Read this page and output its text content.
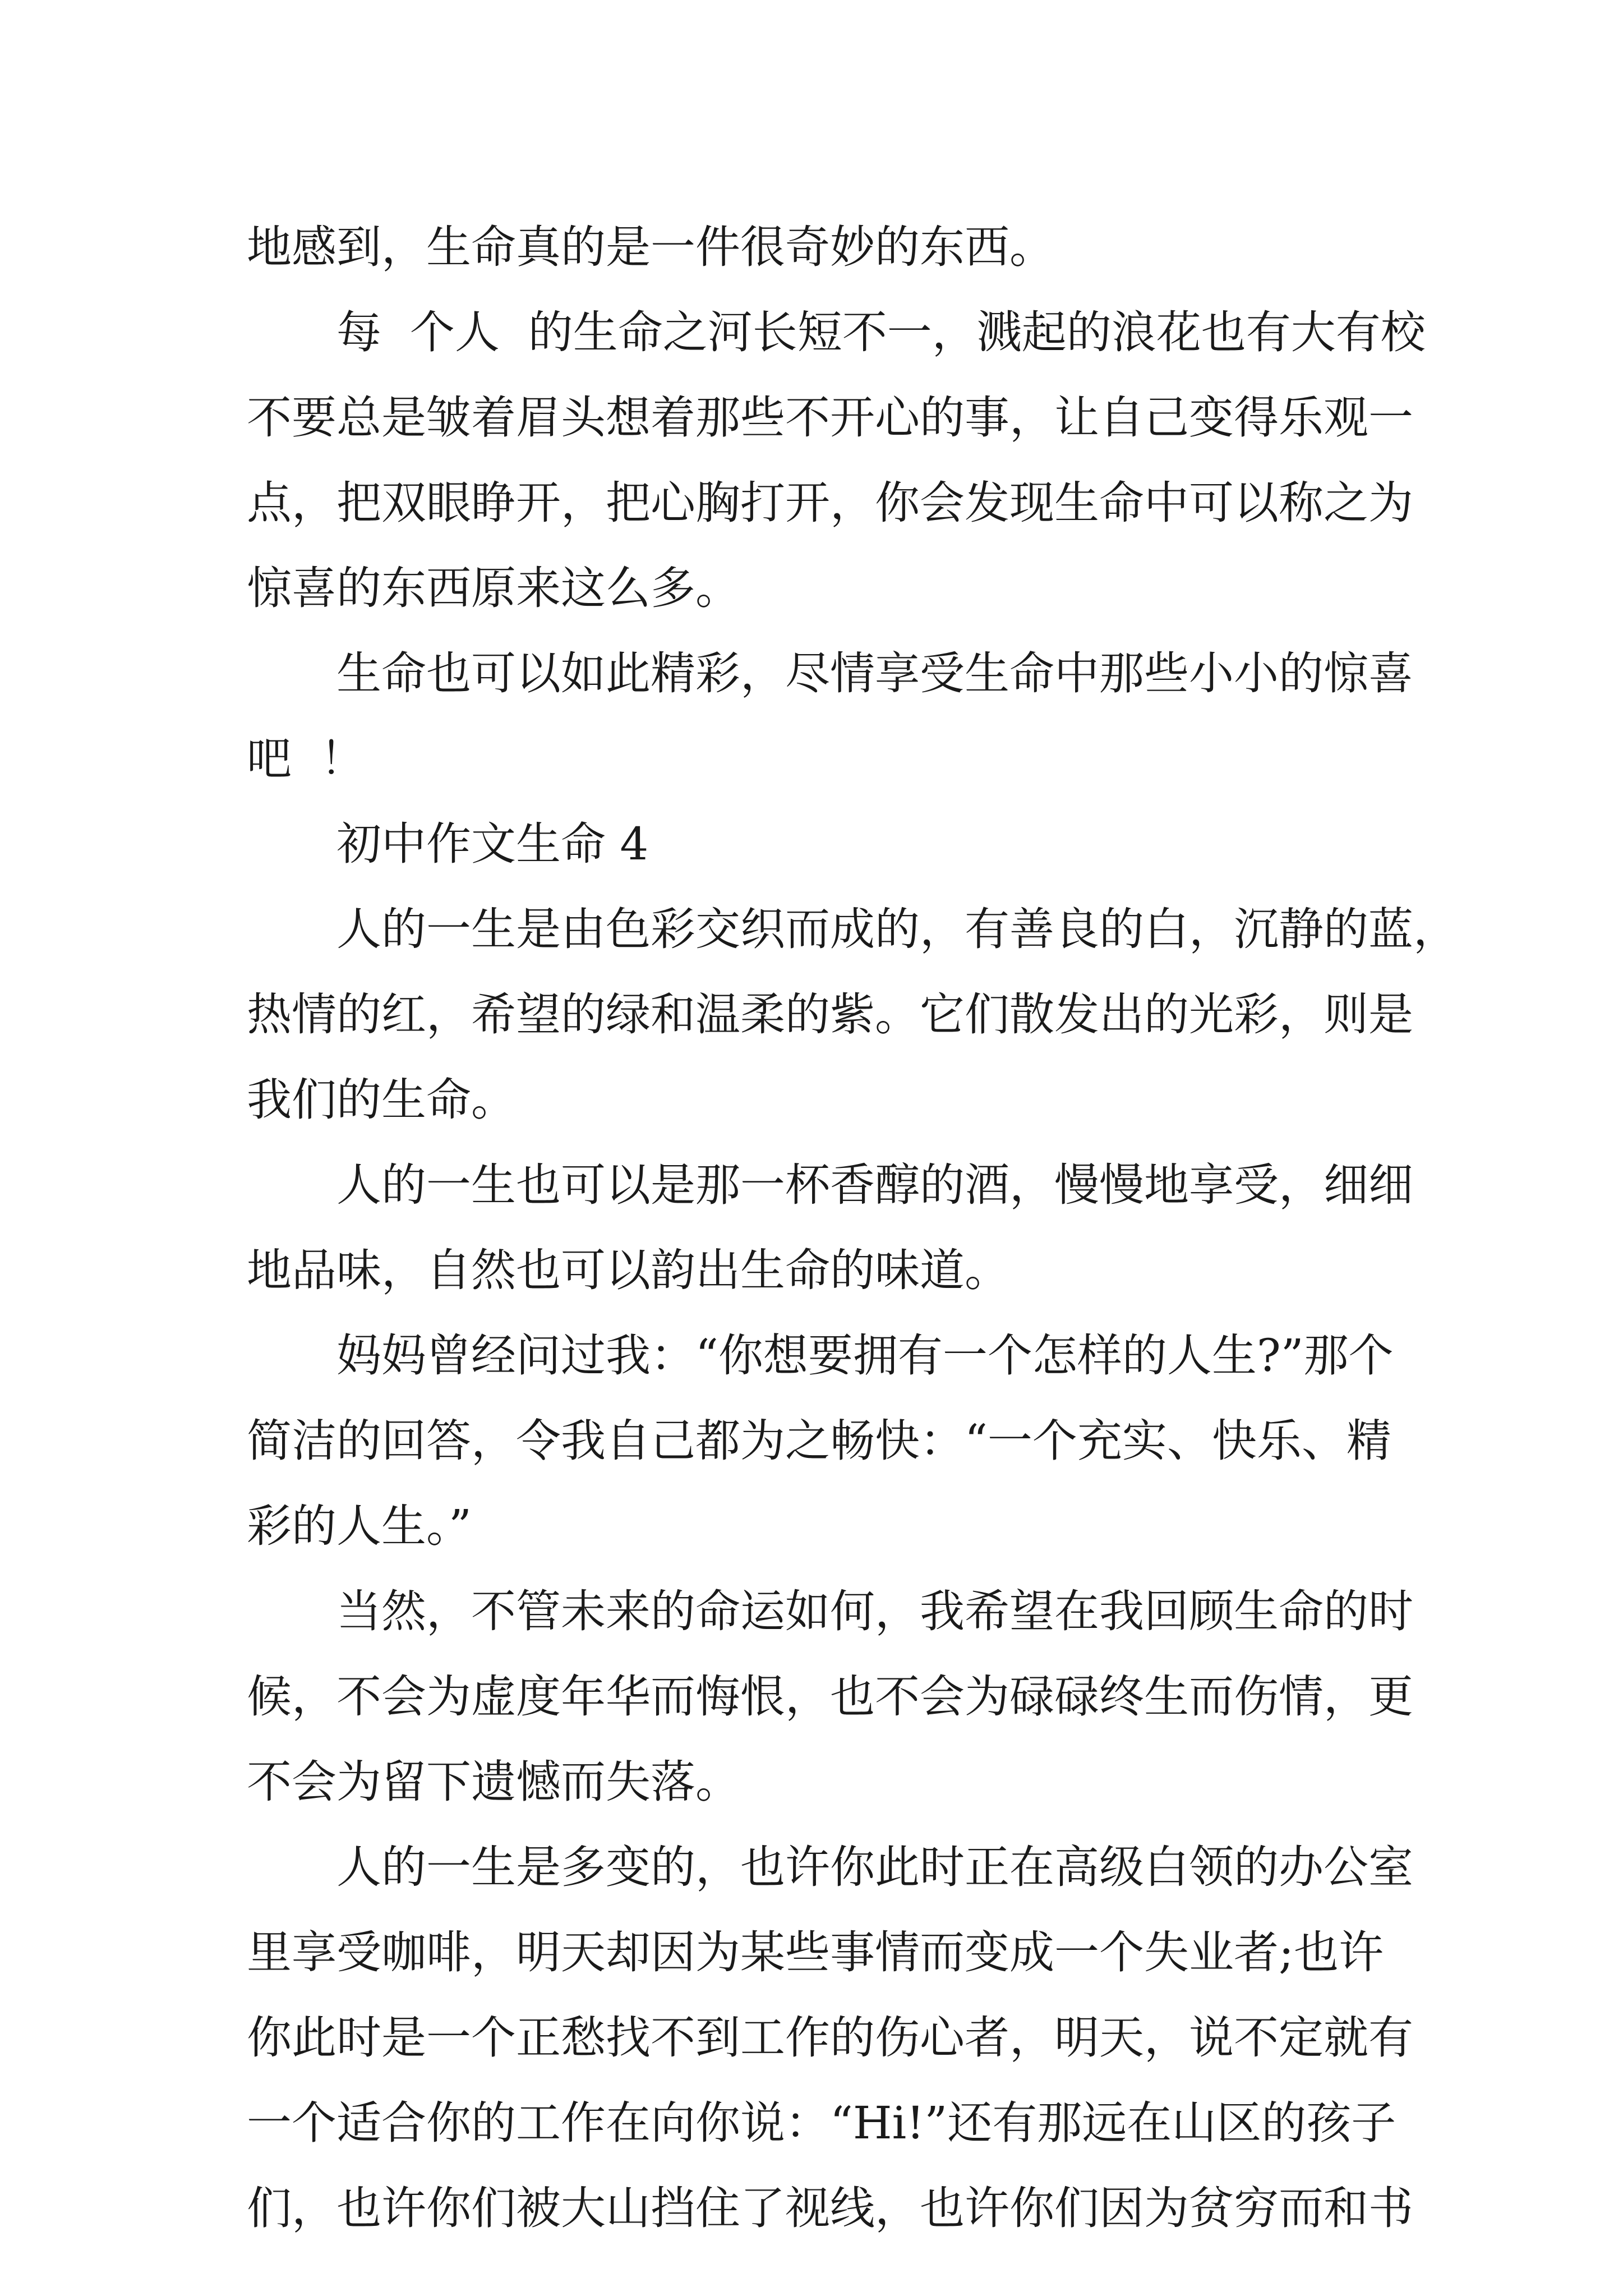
地感到，生命真的是一件很奇妙的东西。
每  个人  的生命之河长短不一，溅起的浪花也有大有校
不要总是皱着眉头想着那些不开心的事，让自己变得乐观一
点，把双眼睁开，把心胸打开，你会发现生命中可以称之为
惊喜的东西原来这么多。
生命也可以如此精彩，尽情享受生命中那些小小的惊喜
吧  ！
初中作文生命 4
人的一生是由色彩交织而成的，有善良的白，沉静的蓝，
热情的红，希望的绿和温柔的紫。它们散发出的光彩，则是
我们的生命。
人的一生也可以是那一杯香醇的酒，慢慢地享受，细细
地品味，自然也可以韵出生命的味道。
妈妈曾经问过我：“你想要拥有一个怎样的人生?”那个
简洁的回答，令我自己都为之畅快：“一个充实、快乐、精
彩的人生。”
当然，不管未来的命运如何，我希望在我回顾生命的时
候，不会为虚度年华而悔恨，也不会为碌碌终生而伤情，更
不会为留下遗憾而失落。
人的一生是多变的，也许你此时正在高级白领的办公室
里享受咖啡，明天却因为某些事情而变成一个失业者;也许
你此时是一个正愁找不到工作的伤心者，明天，说不定就有
一个适合你的工作在向你说：“Hi!”还有那远在山区的孩子
们，也许你们被大山挡住了视线，也许你们因为贫穷而和书
